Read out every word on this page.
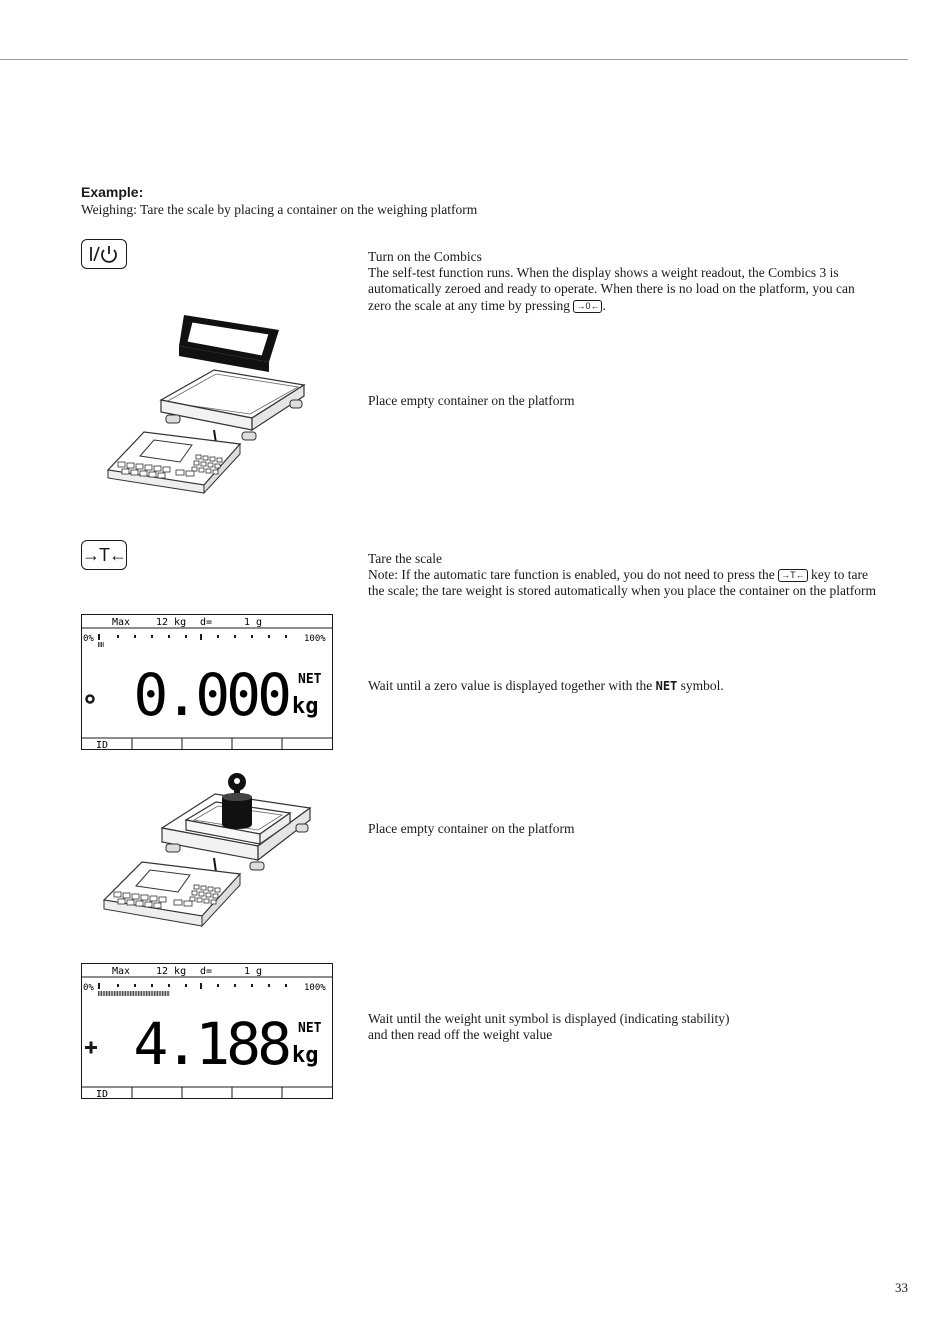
Example:
Weighing: Tare the scale by placing a container on the weighing platform

Turn on the Combics

The self-test function runs. When the display shows a weight readout, the Combics 3 is automatically zeroed and ready to operate. When there is no load on the platform, you can zero the scale at any time by pressing →0← .

Place empty container on the platform
→T←	Tare the scale

Note: If the automatic tare function is enabled, you do not need to press the →T← key to tare the scale; the tare weight is stored automatically when you place the container on the platform

Max	12 kg d=	1 g
0%	100%
0.000 NET
kg
ID
Wait until a zero value is displayed together with the NET symbol.
Place empty container on the platform
Max	12 kg d=	1 g
0%	100%
4.188 NET
kg
ID

Wait until the weight unit symbol is displayed (indicating stability)

and then read off the weight value

33
